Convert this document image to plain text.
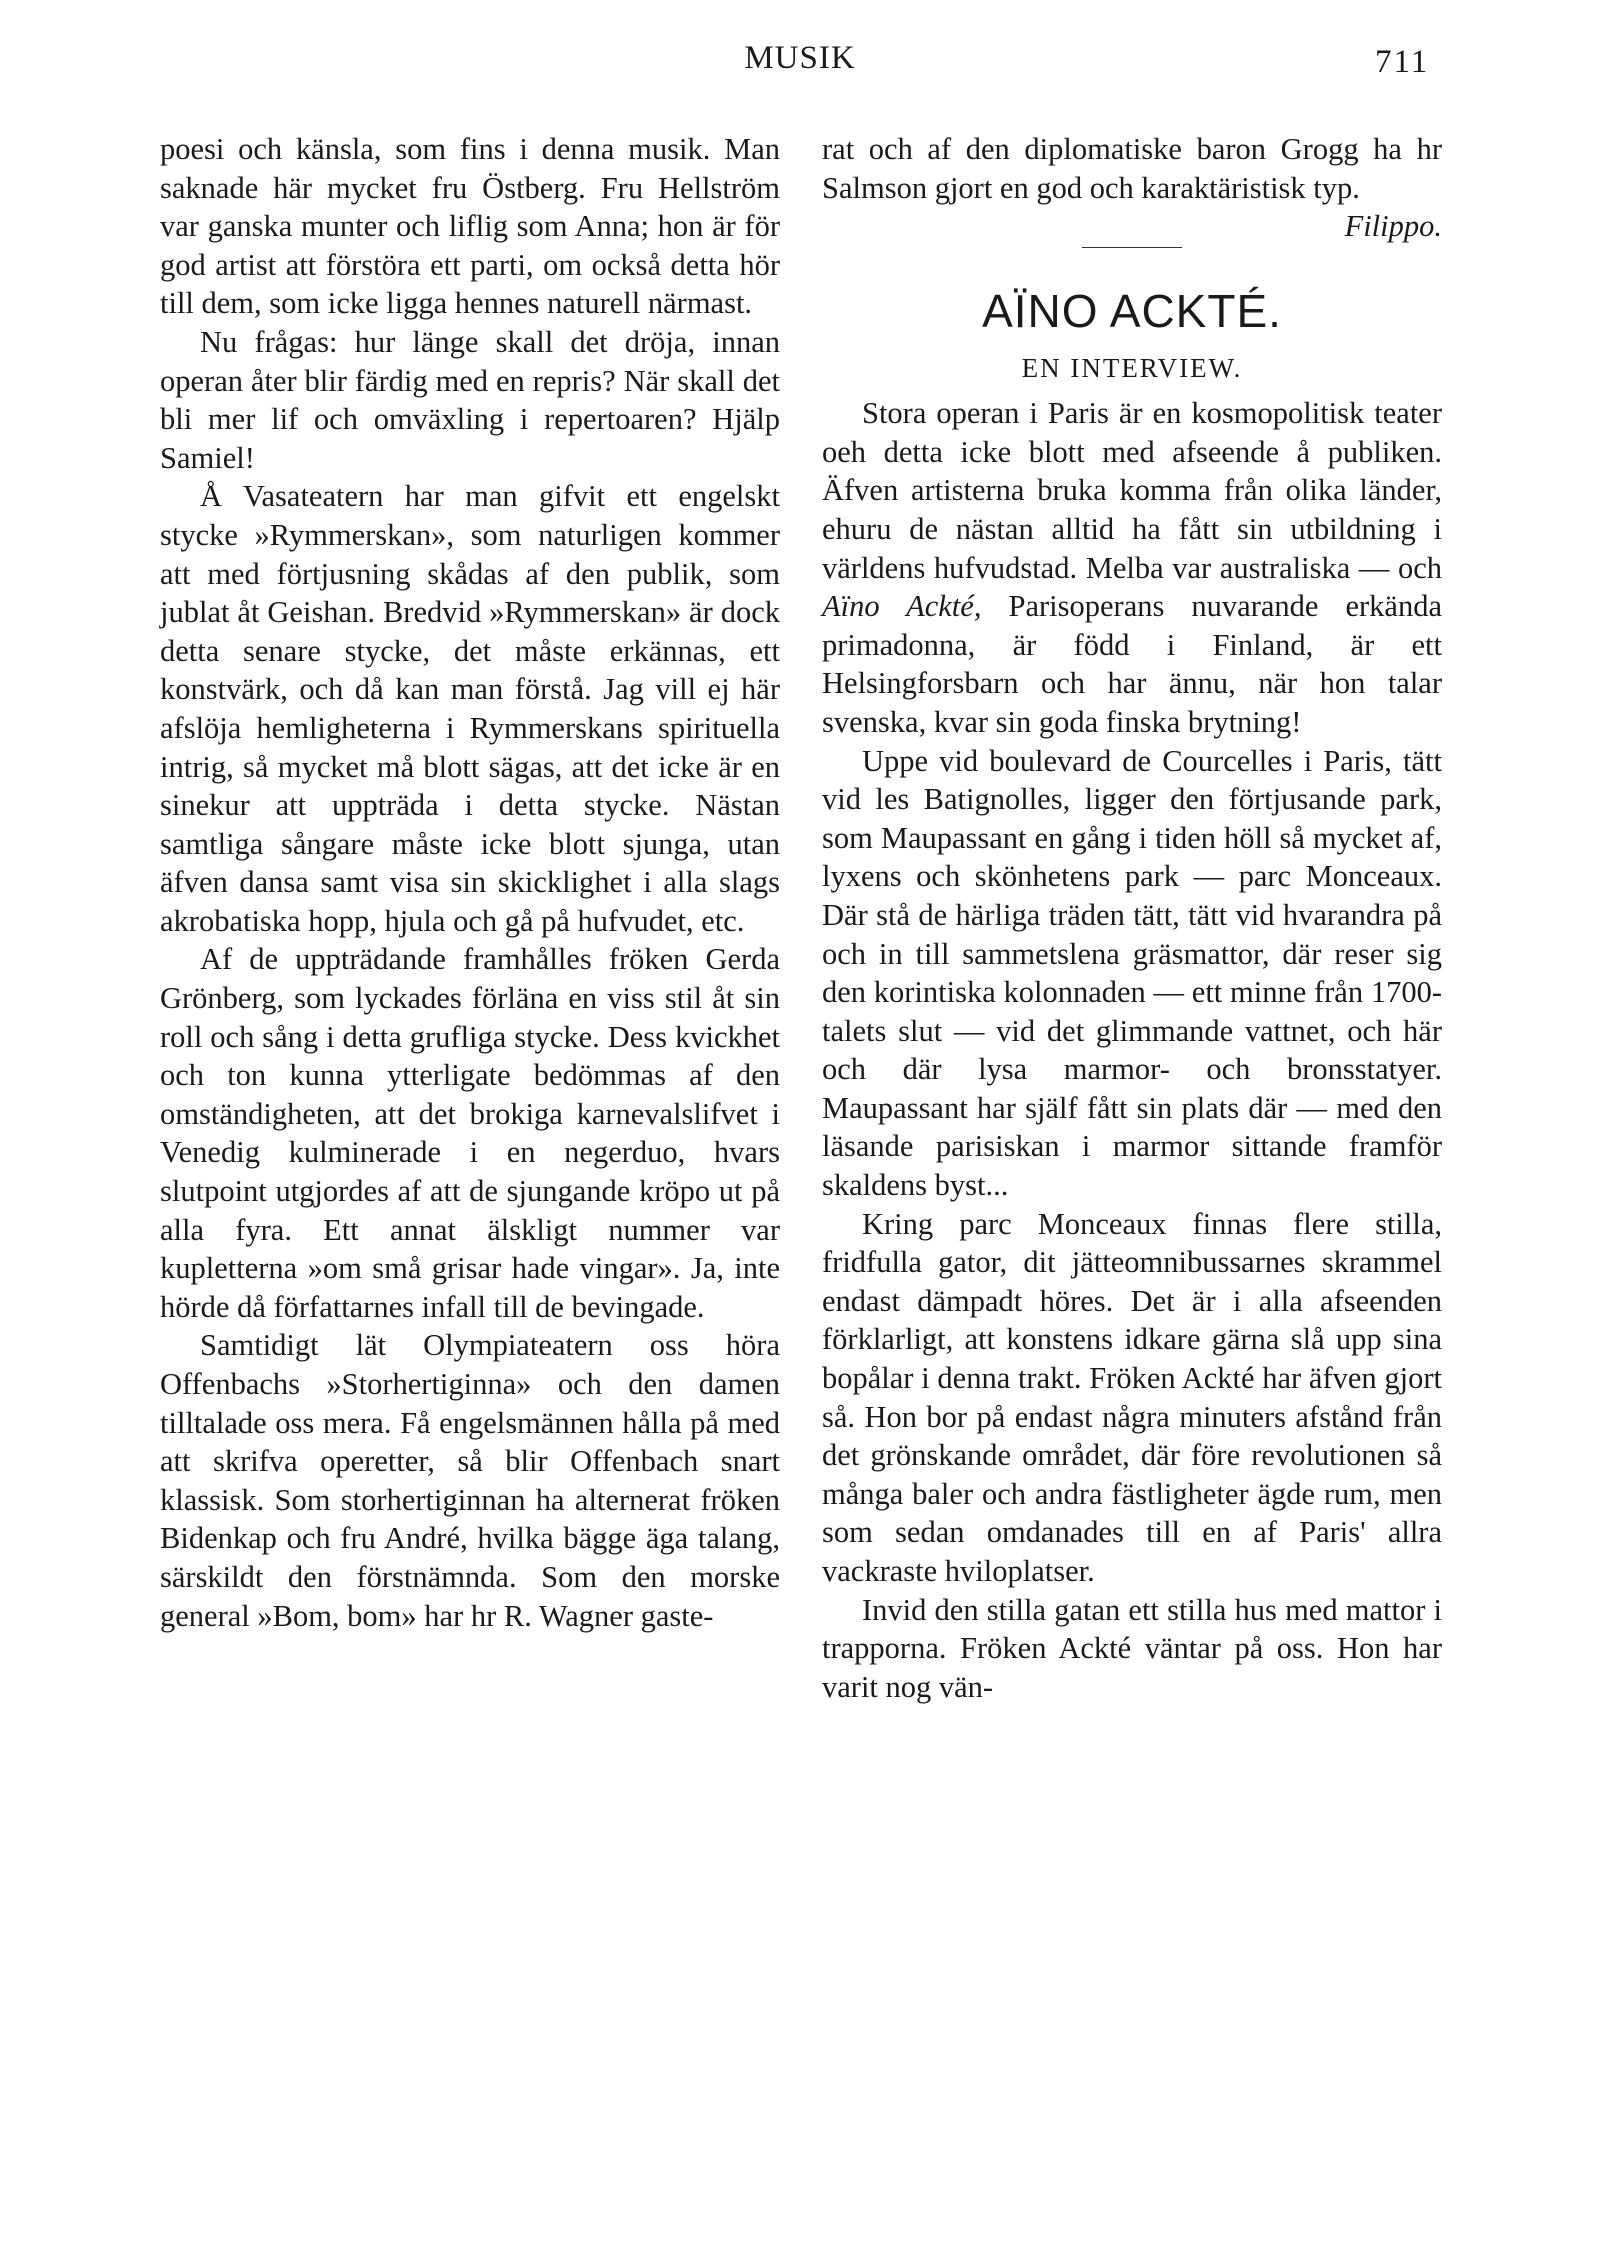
MUSIK	711

poesi och känsla, som fins i denna musik. Man saknade här mycket fru Östberg. Fru Hellström var ganska munter och liflig som Anna; hon är för god artist att förstöra ett parti, om också detta hör till dem, som icke ligga hennes naturell närmast.

Nu frågas: hur länge skall det dröja, innan operan åter blir färdig med en repris? När skall det bli mer lif och omväxling i repertoaren? Hjälp Samiel!

Å Vasateatern har man gifvit ett engelskt stycke »Rymmerskan», som naturligen kommer att med förtjusning skådas af den publik, som jublat åt Geishan. Bredvid »Rymmerskan» är dock detta senare stycke, det måste erkännas, ett konstvärk, och då kan man förstå. Jag vill ej här afslöja hemligheterna i Rymmerskans spirituella intrig, så mycket må blott sägas, att det icke är en sinekur att uppträda i detta stycke. Nästan samtliga sångare måste icke blott sjunga, utan äfven dansa samt visa sin skicklighet i alla slags akrobatiska hopp, hjula och gå på hufvudet, etc.

Af de uppträdande framhålles fröken Gerda Grönberg, som lyckades förläna en viss stil åt sin roll och sång i detta grufliga stycke. Dess kvickhet och ton kunna ytterligate bedömmas af den omständigheten, att det brokiga karnevalslifvet i Venedig kulminerade i en negerduo, hvars slutpoint utgjordes af att de sjungande kröpo ut på alla fyra. Ett annat älskligt nummer var kupletterna »om små grisar hade vingar». Ja, inte hörde då författarnes infall till de bevingade.

Samtidigt lät Olympiateatern oss höra Offenbachs »Storhertiginna» och den damen tilltalade oss mera. Få engelsmännen hålla på med att skrifva operetter, så blir Offenbach snart klassisk. Som storhertiginnan ha alternerat fröken Bidenkap och fru André, hvilka bägge äga talang, särskildt den förstnämnda. Som den morske general »Bom, bom» har hr R. Wagner gaste-

rat och af den diplomatiske baron Grogg ha hr Salmson gjort en god och karaktäristisk typ.
Filippo.

AÏNO ACKTÉ.
EN INTERVIEW.

Stora operan i Paris är en kosmopolitisk teater oeh detta icke blott med afseende å publiken. Äfven artisterna bruka komma från olika länder, ehuru de nästan alltid ha fått sin utbildning i världens hufvudstad. Melba var australiska — och Aïno Ackté, Parisoperans nuvarande erkända primadonna, är född i Finland, är ett Helsingforsbarn och har ännu, när hon talar svenska, kvar sin goda finska brytning!

Uppe vid boulevard de Courcelles i Paris, tätt vid les Batignolles, ligger den förtjusande park, som Maupassant en gång i tiden höll så mycket af, lyxens och skönhetens park — parc Monceaux. Där stå de härliga träden tätt, tätt vid hvarandra på och in till sammetslena gräsmattor, där reser sig den korintiska kolonnaden — ett minne från 1700-talets slut — vid det glimmande vattnet, och här och där lysa marmor- och bronsstatyer. Maupassant har själf fått sin plats där — med den läsande parisiskan i marmor sittande framför skaldens byst...

Kring parc Monceaux finnas flere stilla, fridfulla gator, dit jätteomnibussarnes skrammel endast dämpadt höres. Det är i alla afseenden förklarligt, att konstens idkare gärna slå upp sina bopålar i denna trakt. Fröken Ackté har äfven gjort så. Hon bor på endast några minuters afstånd från det grönskande området, där före revolutionen så många baler och andra fästligheter ägde rum, men som sedan omdanades till en af Paris' allra vackraste hviloplatser.

Invid den stilla gatan ett stilla hus med mattor i trapporna. Fröken Ackté väntar på oss. Hon har varit nog vän-
